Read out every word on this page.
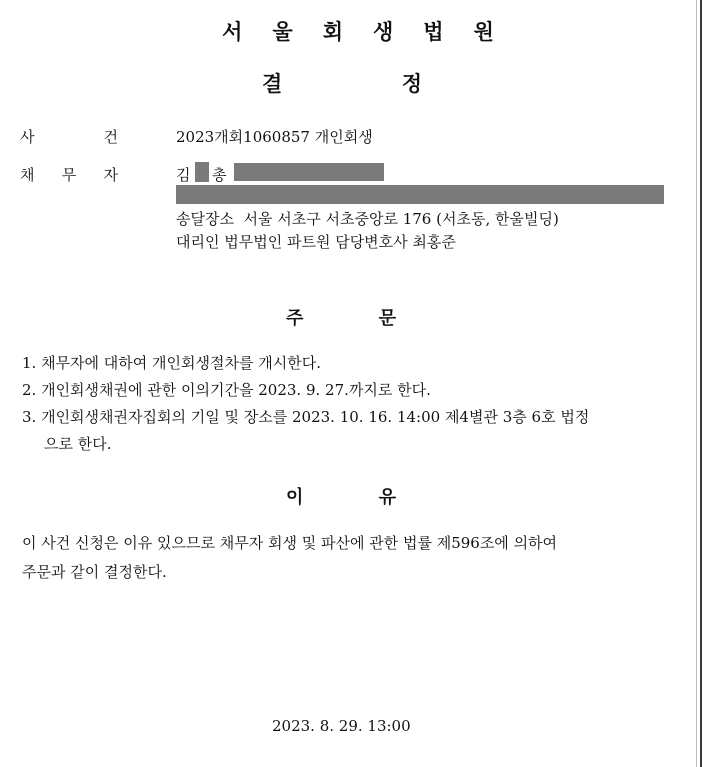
서울회생법원
결	정
사	건	2023개회1060857 개인회생
채 무 자	김 총
송달장소 서울 서초구 서초중앙로 176 (서초동, 한울빌딩)
대리인 법무법인 파트원 담당변호사 최홍준
주	문
1. 채무자에 대하여 개인회생절차를 개시한다.
2. 개인회생채권에 관한 이의기간을 2023. 9. 27.까지로 한다.
3. 개인회생채권자집회의 기일 및 장소를 2023. 10. 16. 14:00 제4별관 3층 6호 법정
으로 한다.
이	유
이 사건 신청은 이유 있으므로 채무자 회생 및 파산에 관한 법률 제596조에 의하여
주문과 같이 결정한다.
2023. 8. 29. 13:00
